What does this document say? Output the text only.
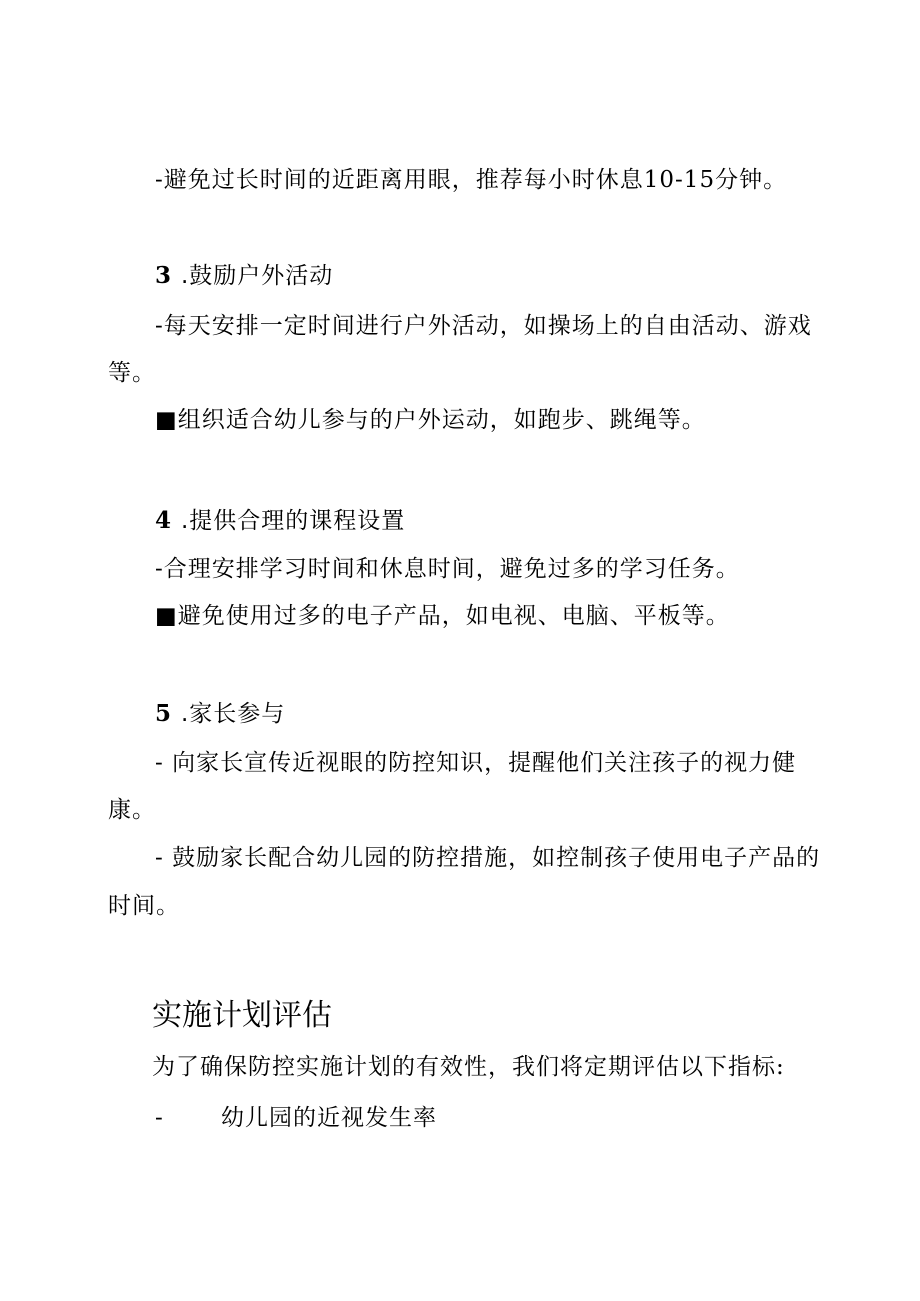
-避免过长时间的近距离用眼，推荐每小时休息10-15分钟。
3 .鼓励户外活动
-每天安排一定时间进行户外活动，如操场上的自由活动、游戏
等。
■组织适合幼儿参与的户外运动，如跑步、跳绳等。
4 .提供合理的课程设置
-合理安排学习时间和休息时间，避免过多的学习任务。
■避免使用过多的电子产品，如电视、电脑、平板等。
5 .家长参与
- 向家长宣传近视眼的防控知识，提醒他们关注孩子的视力健
康。
- 鼓励家长配合幼儿园的防控措施，如控制孩子使用电子产品的
时间。
实施计划评估
为了确保防控实施计划的有效性，我们将定期评估以下指标:
- 幼儿园的近视发生率
